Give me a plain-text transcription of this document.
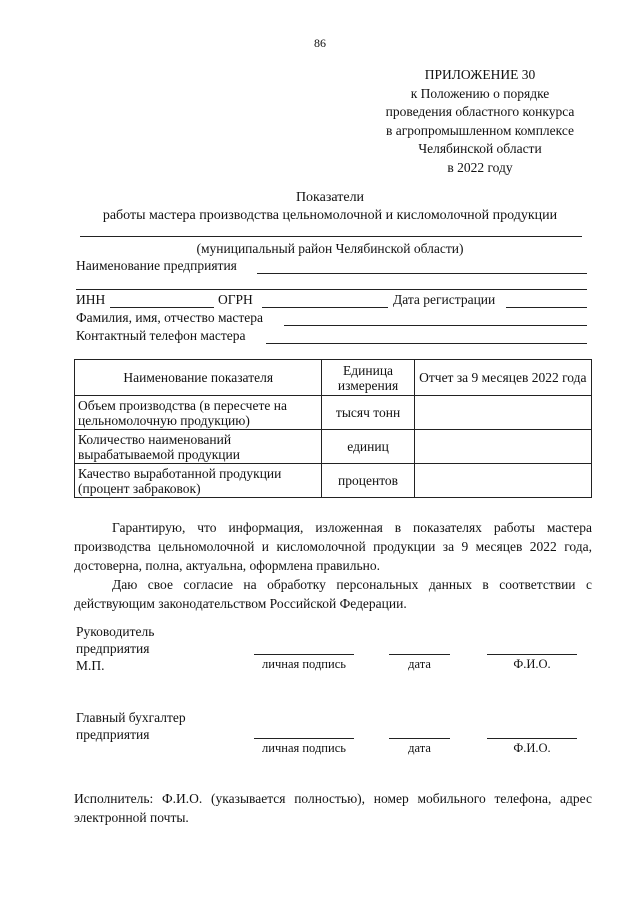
86
ПРИЛОЖЕНИЕ 30
к Положению о порядке
проведения областного конкурса
в агропромышленном комплексе
Челябинской области
в 2022 году
Показатели
работы мастера производства цельномолочной и кисломолочной продукции
(муниципальный район Челябинской области)
Наименование предприятия
ИНН	ОГРН	Дата регистрации
Фамилия, имя, отчество мастера
Контактный телефон мастера
Наименование показателя	Единица измерения	Отчет за 9 месяцев 2022 года
Объем производства (в пересчете на цельномолочную продукцию)	тысяч тонн	
Количество наименований вырабатываемой продукции	единиц	
Качество выработанной продукции (процент забраковок)	процентов	
Гарантирую, что информация, изложенная в показателях работы мастера производства цельномолочной и кисломолочной продукции за 9 месяцев 2022 года, достоверна, полна, актуальна, оформлена правильно.
Даю свое согласие на обработку персональных данных в соответствии с действующим законодательством Российской Федерации.
Руководитель
предприятия
М.П.	личная подпись	дата	Ф.И.О.
Главный бухгалтер
предприятия
личная подпись	дата	Ф.И.О.
Исполнитель: Ф.И.О. (указывается полностью), номер мобильного телефона, адрес электронной почты.
